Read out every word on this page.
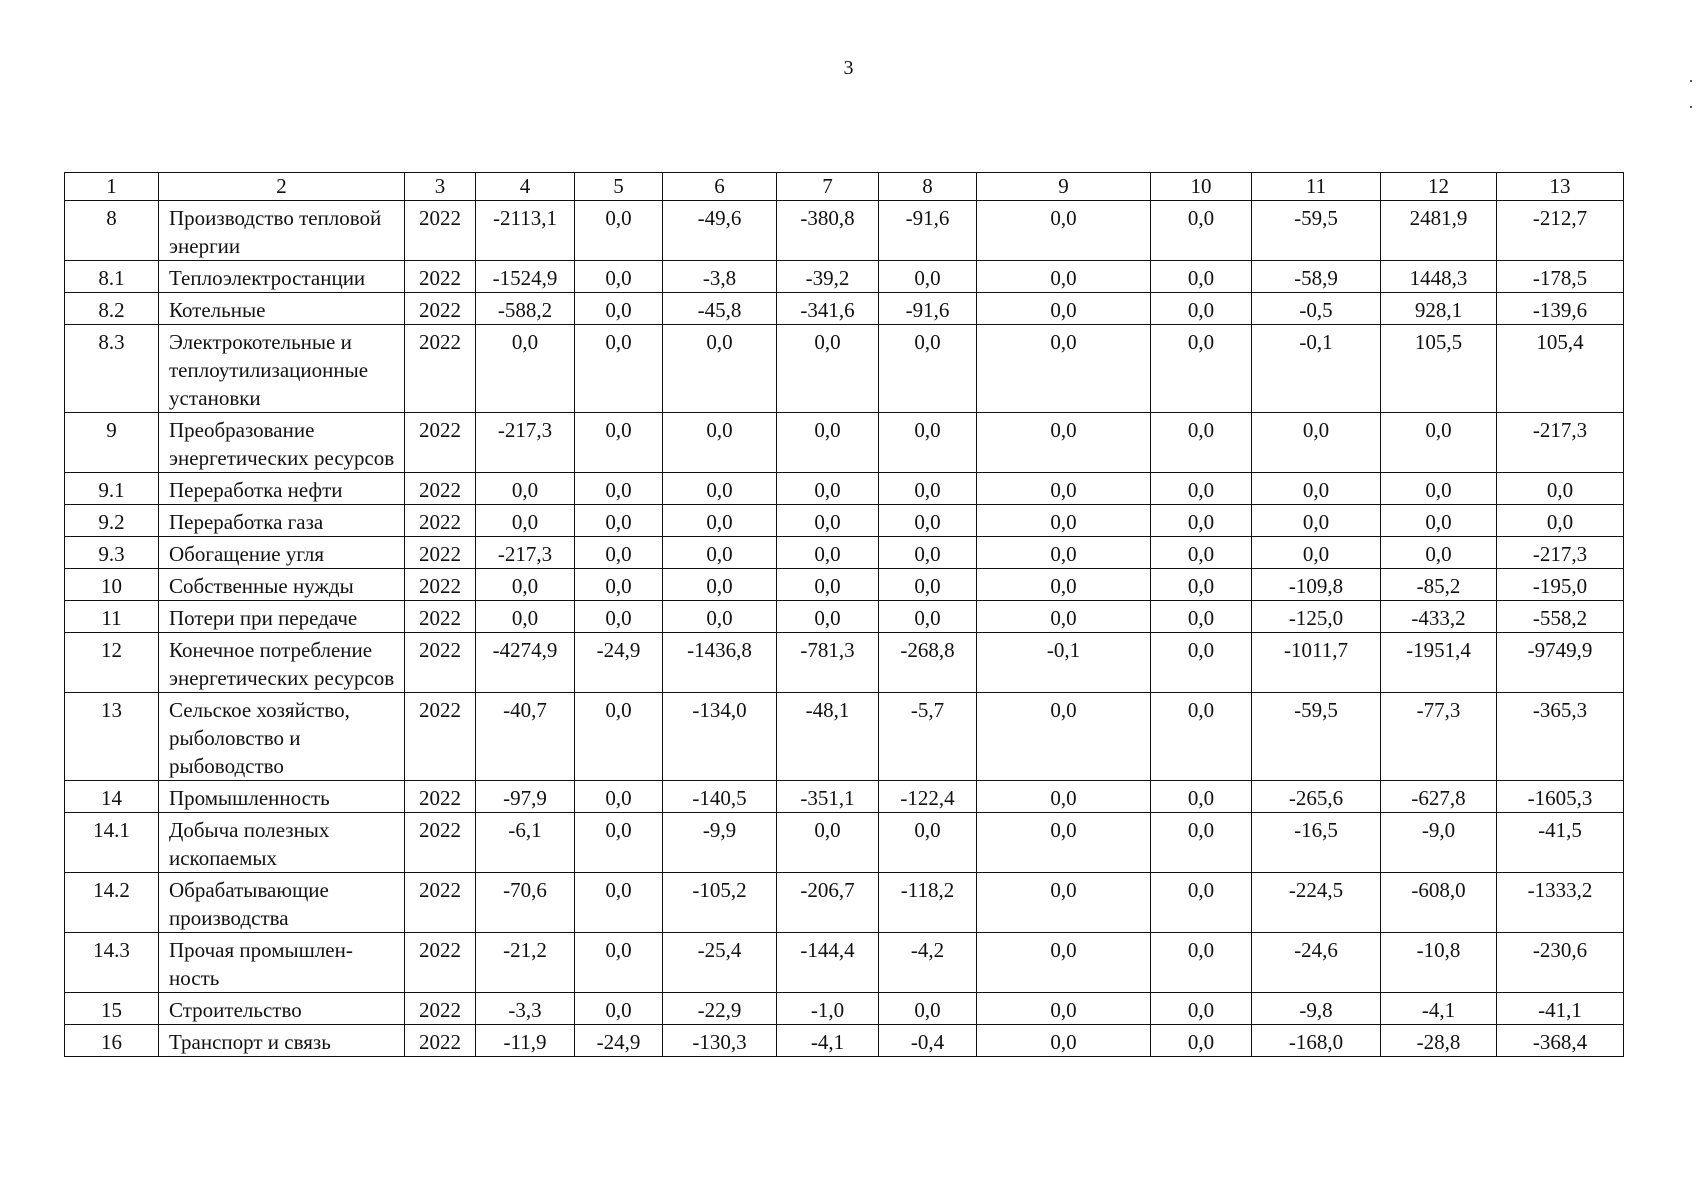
3
1	2	3	4	5	6	7	8	9	10	11	12	13
8	Производство тепловой энергии	2022	-2113,1	0,0	-49,6	-380,8	-91,6	0,0	0,0	-59,5	2481,9	-212,7
8.1	Теплоэлектростанции	2022	-1524,9	0,0	-3,8	-39,2	0,0	0,0	0,0	-58,9	1448,3	-178,5
8.2	Котельные	2022	-588,2	0,0	-45,8	-341,6	-91,6	0,0	0,0	-0,5	928,1	-139,6
8.3	Электрокотельные и теплоутилизационные установки	2022	0,0	0,0	0,0	0,0	0,0	0,0	0,0	-0,1	105,5	105,4
9	Преобразование энергетических ресурсов	2022	-217,3	0,0	0,0	0,0	0,0	0,0	0,0	0,0	0,0	-217,3
9.1	Переработка нефти	2022	0,0	0,0	0,0	0,0	0,0	0,0	0,0	0,0	0,0	0,0
9.2	Переработка газа	2022	0,0	0,0	0,0	0,0	0,0	0,0	0,0	0,0	0,0	0,0
9.3	Обогащение угля	2022	-217,3	0,0	0,0	0,0	0,0	0,0	0,0	0,0	0,0	-217,3
10	Собственные нужды	2022	0,0	0,0	0,0	0,0	0,0	0,0	0,0	-109,8	-85,2	-195,0
11	Потери при передаче	2022	0,0	0,0	0,0	0,0	0,0	0,0	0,0	-125,0	-433,2	-558,2
12	Конечное потребление энергетических ресурсов	2022	-4274,9	-24,9	-1436,8	-781,3	-268,8	-0,1	0,0	-1011,7	-1951,4	-9749,9
13	Сельское хозяйство, рыболовство и рыбоводство	2022	-40,7	0,0	-134,0	-48,1	-5,7	0,0	0,0	-59,5	-77,3	-365,3
14	Промышленность	2022	-97,9	0,0	-140,5	-351,1	-122,4	0,0	0,0	-265,6	-627,8	-1605,3
14.1	Добыча полезных ископаемых	2022	-6,1	0,0	-9,9	0,0	0,0	0,0	0,0	-16,5	-9,0	-41,5
14.2	Обрабатывающие производства	2022	-70,6	0,0	-105,2	-206,7	-118,2	0,0	0,0	-224,5	-608,0	-1333,2
14.3	Прочая промышлен-ность	2022	-21,2	0,0	-25,4	-144,4	-4,2	0,0	0,0	-24,6	-10,8	-230,6
15	Строительство	2022	-3,3	0,0	-22,9	-1,0	0,0	0,0	0,0	-9,8	-4,1	-41,1
16	Транспорт и связь	2022	-11,9	-24,9	-130,3	-4,1	-0,4	0,0	0,0	-168,0	-28,8	-368,4
